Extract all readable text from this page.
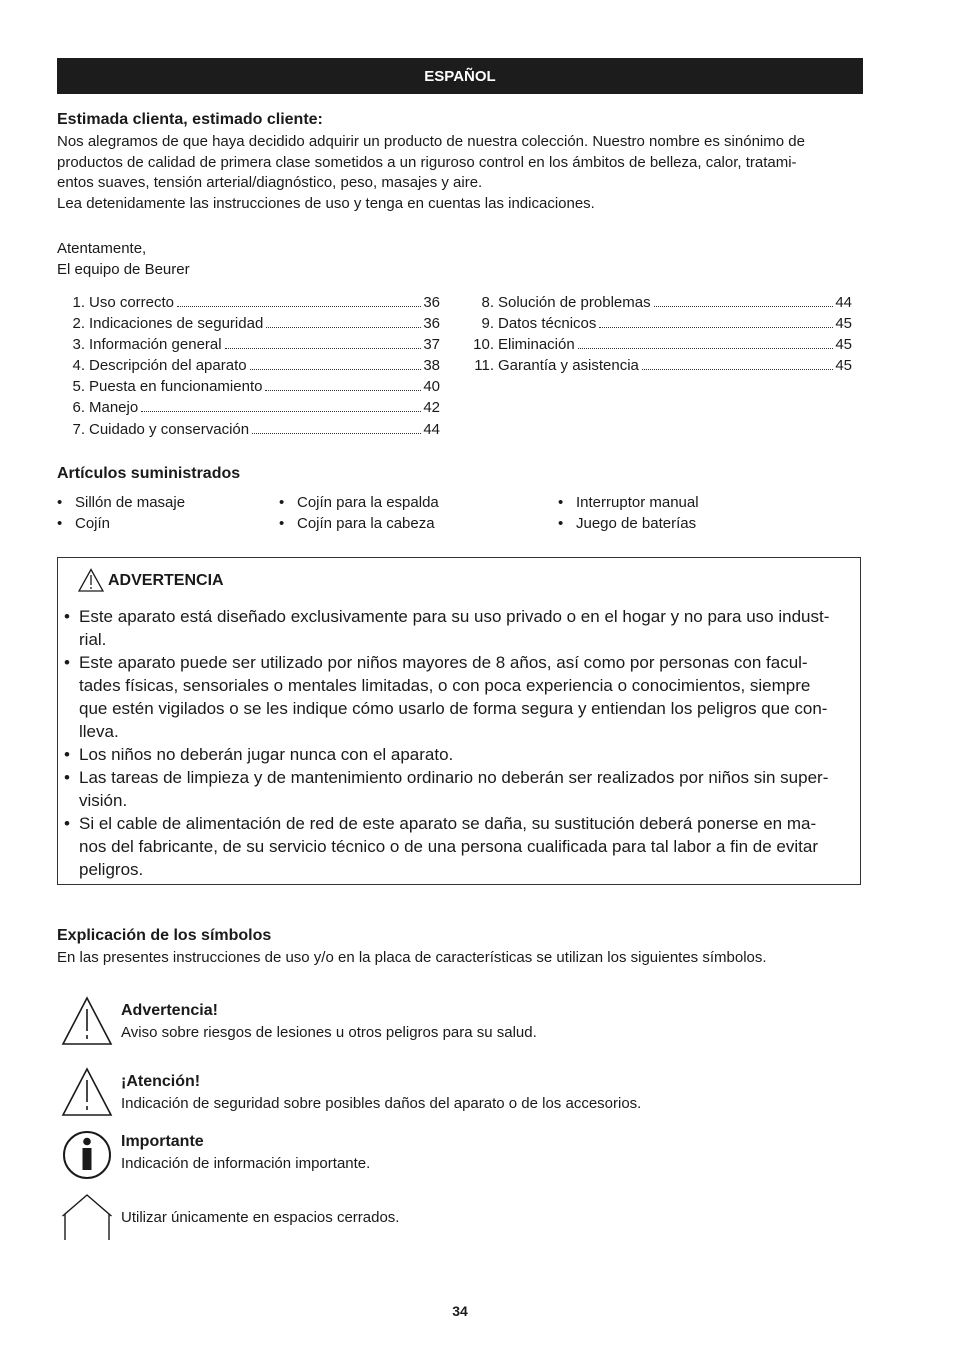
ESPAÑOL
Estimada clienta, estimado cliente:

Nos alegramos de que haya decidido adquirir un producto de nuestra colección. Nuestro nombre es sinónimo de
productos de calidad de primera clase sometidos a un riguroso control en los ámbitos de belleza, calor, tratami-
entos suaves, tensión arterial/diagnóstico, peso, masajes y aire.
Lea detenidamente las instrucciones de uso y tenga en cuentas las indicaciones.

Atentamente,
El equipo de Beurer

1. Uso correcto	36
2. Indicaciones de seguridad	36
3. Información general	37
4. Descripción del aparato	38
5. Puesta en funcionamiento	40
6. Manejo	42
7. Cuidado y conservación	44
8. Solución de problemas	44
9. Datos técnicos	45
10. Eliminación	45
11. Garantía y asistencia	45
Artículos suministrados
• Sillón de masaje
• Cojín
• Cojín para la espalda
• Cojín para la cabeza
• Interruptor manual
• Juego de baterías
ADVERTENCIA
• Este aparato está diseñado exclusivamente para su uso privado o en el hogar y no para uso indust-
rial.
• Este aparato puede ser utilizado por niños mayores de 8 años, así como por personas con facul-
tades físicas, sensoriales o mentales limitadas, o con poca experiencia o conocimientos, siempre
que estén vigilados o se les indique cómo usarlo de forma segura y entiendan los peligros que con-
lleva.
• Los niños no deberán jugar nunca con el aparato.
• Las tareas de limpieza y de mantenimiento ordinario no deberán ser realizados por niños sin super-
visión.
• Si el cable de alimentación de red de este aparato se daña, su sustitución deberá ponerse en ma-
nos del fabricante, de su servicio técnico o de una persona cualificada para tal labor a fin de evitar
peligros.
Explicación de los símbolos

En las presentes instrucciones de uso y/o en la placa de características se utilizan los siguientes símbolos.

Advertencia!
Aviso sobre riesgos de lesiones u otros peligros para su salud.
¡Atención!
Indicación de seguridad sobre posibles daños del aparato o de los accesorios.
Importante
Indicación de información importante.
Utilizar únicamente en espacios cerrados.
34
